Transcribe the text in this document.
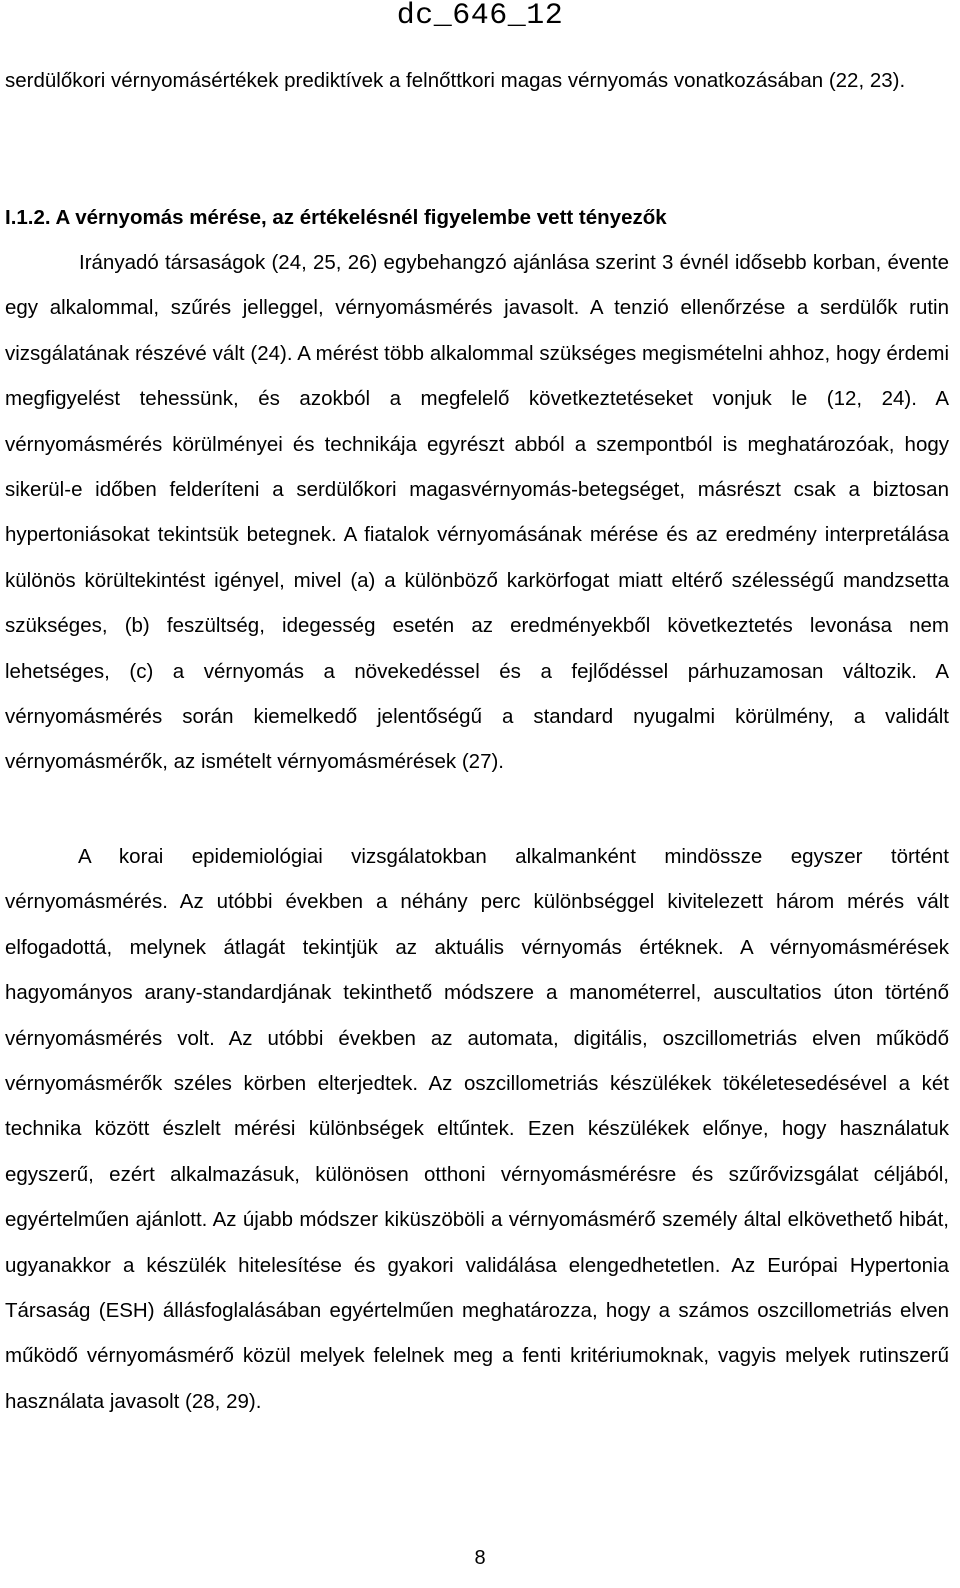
dc_646_12
serdülőkori vérnyomásértékek prediktívek a felnőttkori magas vérnyomás vonatkozásában (22, 23).
I.1.2. A vérnyomás mérése, az értékelésnél figyelembe vett tényezők
Irányadó társaságok (24, 25, 26) egybehangzó ajánlása szerint 3 évnél idősebb korban, évente egy alkalommal, szűrés jelleggel, vérnyomásmérés javasolt. A tenzió ellenőrzése a serdülők rutin vizsgálatának részévé vált (24). A mérést több alkalommal szükséges megismételni ahhoz, hogy érdemi megfigyelést tehessünk, és azokból a megfelelő következtetéseket vonjuk le (12, 24). A vérnyomásmérés körülményei és technikája egyrészt abból a szempontból is meghatározóak, hogy sikerül-e időben felderíteni a serdülőkori magasvérnyomás-betegséget, másrészt csak a biztosan hypertoniásokat tekintsük betegnek. A fiatalok vérnyomásának mérése és az eredmény interpretálása különös körültekintést igényel, mivel (a) a különböző karkörfogat miatt eltérő szélességű mandzsetta szükséges, (b) feszültség, idegesség esetén az eredményekből következtetés levonása nem lehetséges, (c) a vérnyomás a növekedéssel és a fejlődéssel párhuzamosan változik. A vérnyomásmérés során kiemelkedő jelentőségű a standard nyugalmi körülmény, a validált vérnyomásmérők, az ismételt vérnyomásmérések (27).
A korai epidemiológiai vizsgálatokban alkalmanként mindössze egyszer történt vérnyomásmérés. Az utóbbi években a néhány perc különbséggel kivitelezett három mérés vált elfogadottá, melynek átlagát tekintjük az aktuális vérnyomás értéknek. A vérnyomásmérések hagyományos arany-standardjának tekinthető módszere a manométerrel, auscultatios úton történő vérnyomásmérés volt. Az utóbbi években az automata, digitális, oszcillometriás elven működő vérnyomásmérők széles körben elterjedtek. Az oszcillometriás készülékek tökéletesedésével a két technika között észlelt mérési különbségek eltűntek. Ezen készülékek előnye, hogy használatuk egyszerű, ezért alkalmazásuk, különösen otthoni vérnyomásmérésre és szűrővizsgálat céljából, egyértelműen ajánlott. Az újabb módszer kiküszöböli a vérnyomásmérő személy által elkövethető hibát, ugyanakkor a készülék hitelesítése és gyakori validálása elengedhetetlen. Az Európai Hypertonia Társaság (ESH) állásfoglalásában egyértelműen meghatározza, hogy a számos oszcillometriás elven működő vérnyomásmérő közül melyek felelnek meg a fenti kritériumoknak, vagyis melyek rutinszerű használata javasolt (28, 29).
8
